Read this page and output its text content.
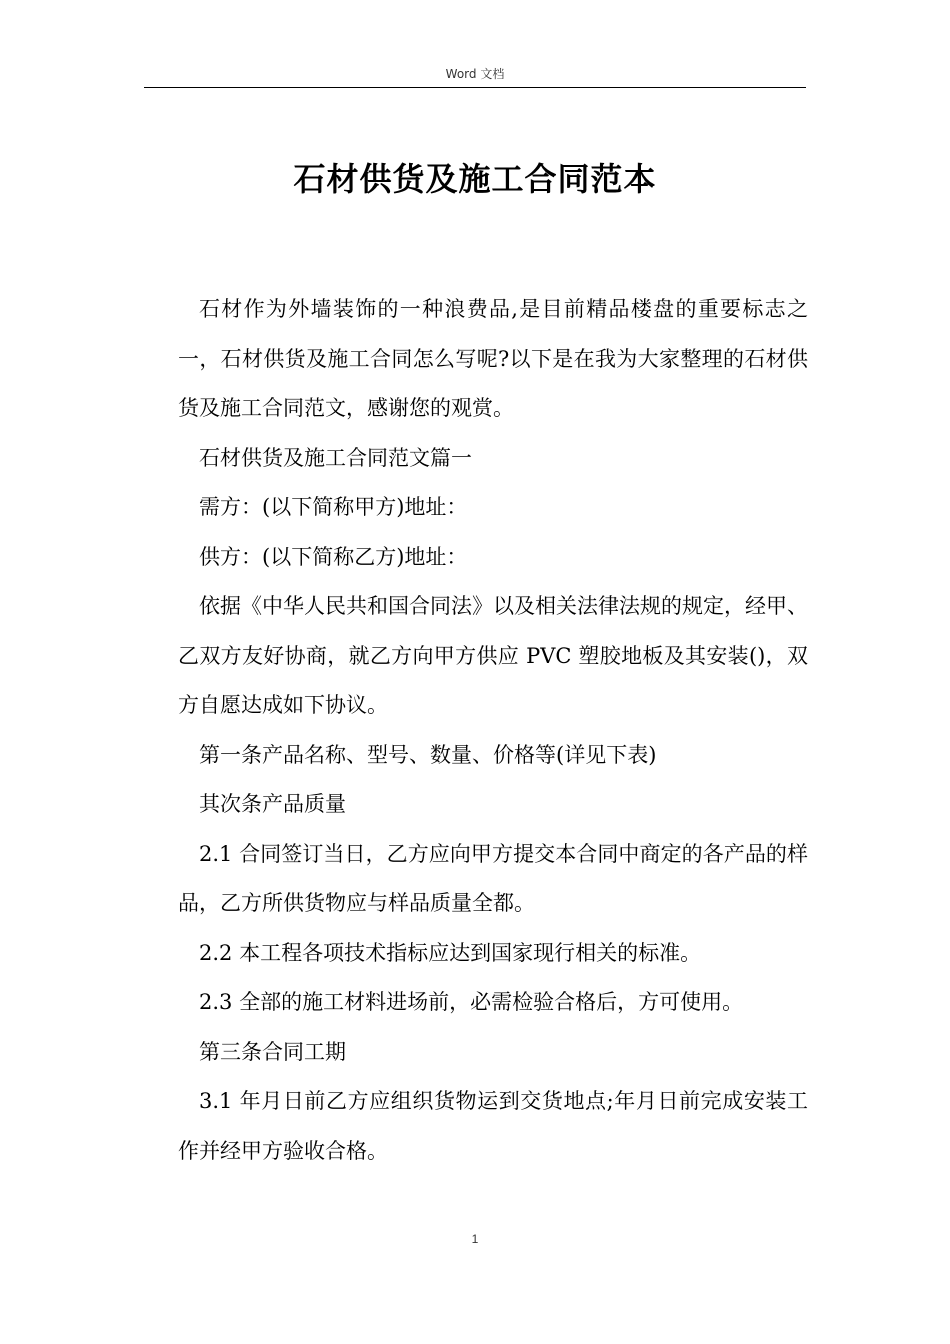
Word 文档
石材供货及施工合同范本

石材作为外墙装饰的一种浪费品,是目前精品楼盘的重要标志之一，石材供货及施工合同怎么写呢?以下是在我为大家整理的石材供货及施工合同范文，感谢您的观赏。

石材供货及施工合同范文篇一

需方：(以下简称甲方)地址：

供方：(以下简称乙方)地址：

依据《中华人民共和国合同法》以及相关法律法规的规定，经甲、乙双方友好协商，就乙方向甲方供应 PVC 塑胶地板及其安装()，双方自愿达成如下协议。

第一条产品名称、型号、数量、价格等(详见下表)

其次条产品质量

2.1 合同签订当日，乙方应向甲方提交本合同中商定的各产品的样品，乙方所供货物应与样品质量全都。

2.2 本工程各项技术指标应达到国家现行相关的标准。

2.3 全部的施工材料进场前，必需检验合格后，方可使用。

第三条合同工期

3.1 年月日前乙方应组织货物运到交货地点;年月日前完成安装工作并经甲方验收合格。

1
